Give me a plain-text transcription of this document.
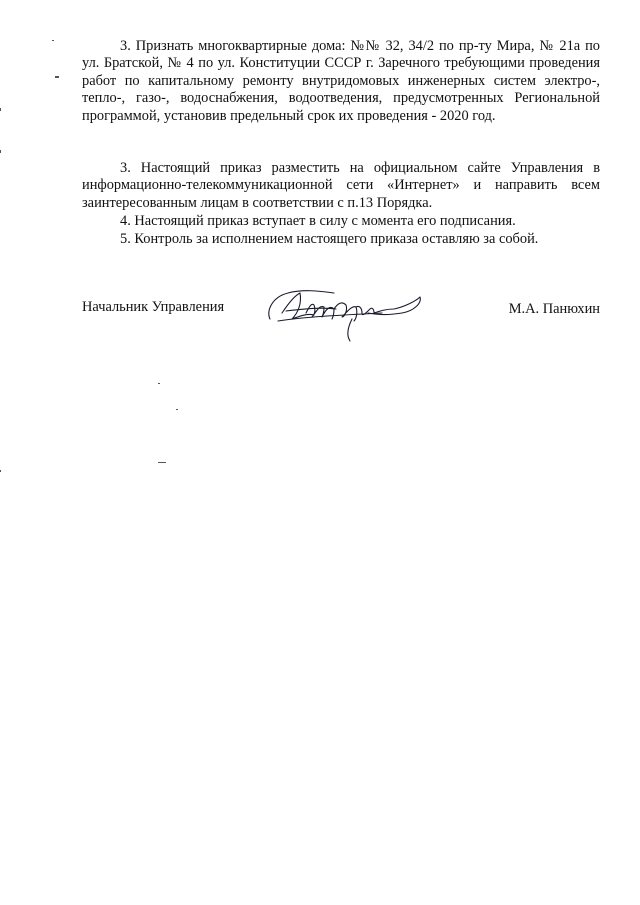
3. Признать многоквартирные дома: №№ 32, 34/2 по пр-ту Мира, № 21а по ул. Братской, № 4 по ул. Конституции СССР г. Заречного требующими проведения работ по капитальному ремонту внутридомовых инженерных систем электро-, тепло-, газо-, водоснабжения, водоотведения, предусмотренных Региональной программой, установив предельный срок их проведения - 2020 год.

3. Настоящий приказ разместить на официальном сайте Управления в информационно-телекоммуникационной сети «Интернет» и направить всем заинтересованным лицам в соответствии с п.13 Порядка.

4. Настоящий приказ вступает в силу с момента его подписания.

5. Контроль за исполнением настоящего приказа оставляю за собой.

Начальник Управления	М.А. Панюхин
